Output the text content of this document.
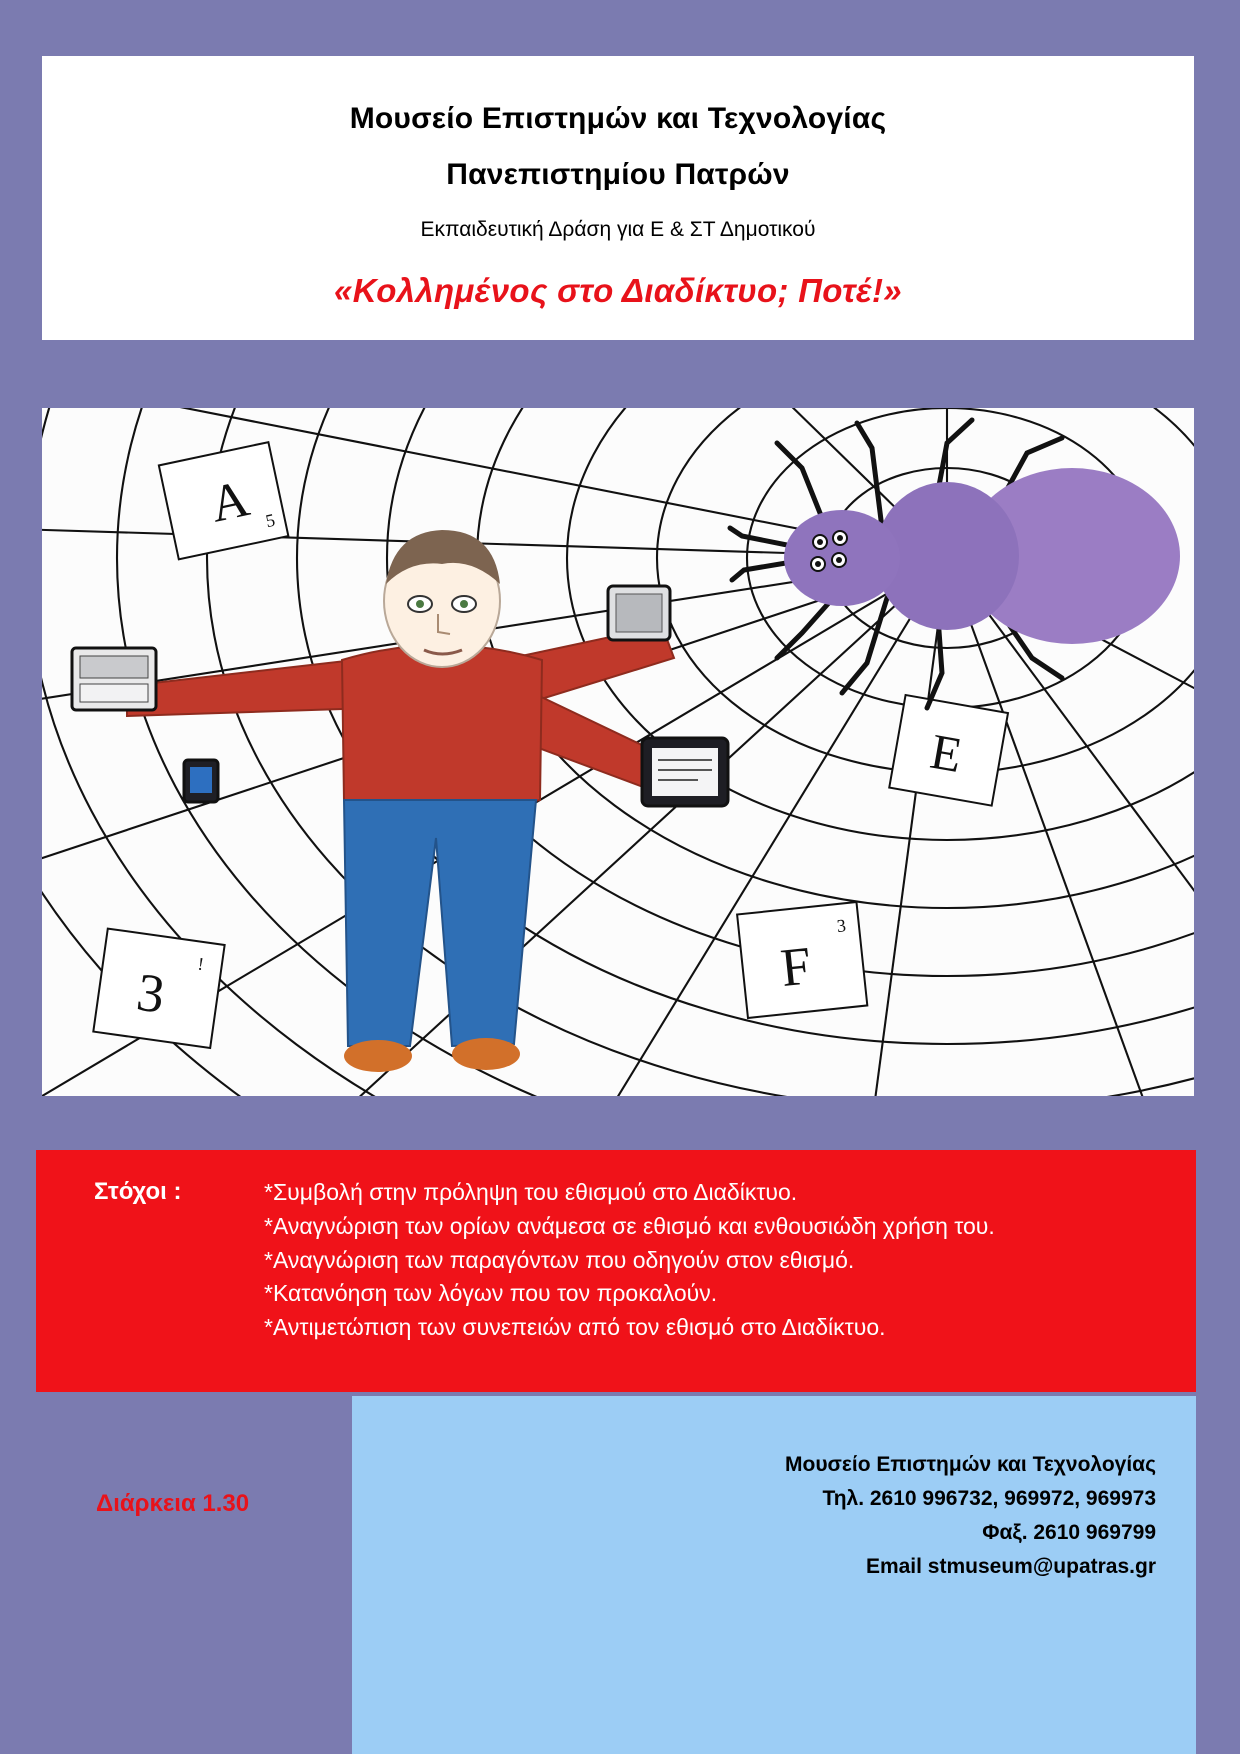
Μουσείο Επιστημών και Τεχνολογίας
Πανεπιστημίου Πατρών
Εκπαιδευτική Δράση για Ε & ΣΤ Δημοτικού
«Κολλημένος στο Διαδίκτυο; Ποτέ!»
A 5
E
F
3
3 !
Στόχοι :	*Συμβολή στην πρόληψη του εθισμού στο Διαδίκτυο.
*Αναγνώριση των ορίων ανάμεσα σε εθισμό και ενθουσιώδη χρήση του.
*Αναγνώριση των παραγόντων που οδηγούν στον εθισμό.
*Κατανόηση των λόγων που τον προκαλούν.
*Αντιμετώπιση των συνεπειών από τον εθισμό στο Διαδίκτυο.
Διάρκεια 1.30
Μουσείο Επιστημών και Τεχνολογίας
Τηλ. 2610 996732, 969972, 969973
Φαξ. 2610 969799
Email stmuseum@upatras.gr
